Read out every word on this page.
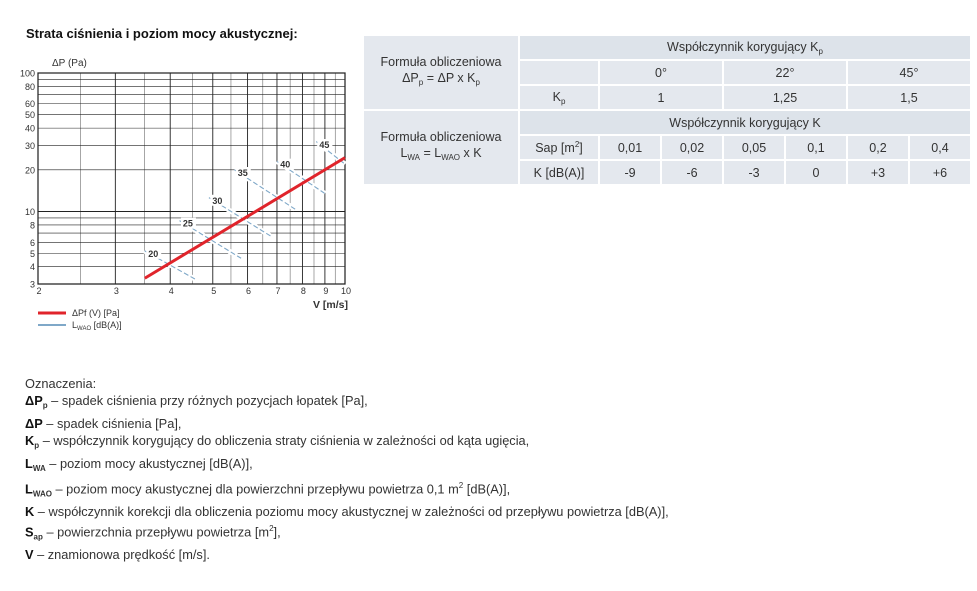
Strata ciśnienia i poziom mocy akustycznej:
3
4
5
6
8
10
20
30
40
50
60
80
100
2	3	4	5	6	7 8 9 10
20
25
30
35
40
45
ΔP (Pa)
V [m/s]
ΔPf (V) [Pa]
$L_{WAO}$ [dB(A)]
Formuła obliczeniowa
$\Delta P_p = \Delta P$ x $K_p$	Współczynnik korygujący $K_p$
		0°		22°		45°	
	$K_p$	1		1,25		1,5	

Formuła obliczeniowa
$L_{WA} = L_{WAO}$ x K	Współczynnik korygujący K						
	Sap $[m^2]$	0,01	0,02	0,05	0,1	0,2	0,4
	K [dB(A)]	-9	-6	-3	0	+3	+6
Oznaczenia:
$\Delta P_p$ – spadek ciśnienia przy różnych pozycjach łopatek [Pa],
ΔP – spadek ciśnienia [Pa],
$K_p$ – współczynnik korygujący do obliczenia straty ciśnienia w zależności od kąta ugięcia,
$L_{WA}$ – poziom mocy akustycznej [dB(A)],
$L_{WAO}$ – poziom mocy akustycznej dla powierzchni przepływu powietrza 0,1 $m^2$ [dB(A)],
K – współczynnik korekcji dla obliczenia poziomu mocy akustycznej w zależności od przepływu powietrza [dB(A)],
$S_{ap}$ – powierzchnia przepływu powietrza $[m^2]$,
V – znamionowa prędkość [m/s].
